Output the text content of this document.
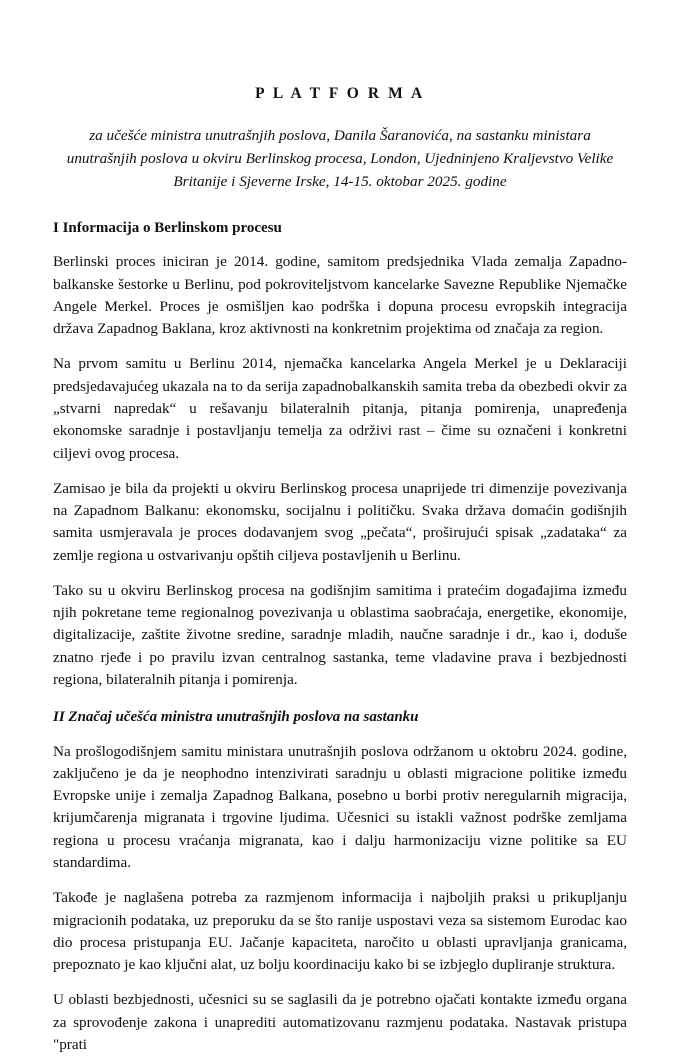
P L A T F O R M A

za učešće ministra unutrašnjih poslova, Danila Šaranovića, na sastanku ministara unutrašnjih poslova u okviru Berlinskog procesa, London, Ujedninjeno Kraljevstvo Velike Britanije i Sjeverne Irske, 14-15. oktobar 2025. godine

I Informacija o Berlinskom procesu

Berlinski proces iniciran je 2014. godine, samitom predsjednika Vlada zemalja Zapadno-balkanske šestorke u Berlinu, pod pokroviteljstvom kancelarke Savezne Republike Njemačke Angele Merkel. Proces je osmišljen kao podrška i dopuna procesu evropskih integracija država Zapadnog Baklana, kroz aktivnosti na konkretnim projektima od značaja za region.

Na prvom samitu u Berlinu 2014, njemačka kancelarka Angela Merkel je u Deklaraciji predsjedavajućeg ukazala na to da serija zapadnobalkanskih samita treba da obezbedi okvir za „stvarni napredak“ u rešavanju bilateralnih pitanja, pitanja pomirenja, unapređenja ekonomske saradnje i postavljanju temelja za održivi rast – čime su označeni i konkretni ciljevi ovog procesa.

Zamisao je bila da projekti u okviru Berlinskog procesa unaprijede tri dimenzije povezivanja na Zapadnom Balkanu: ekonomsku, socijalnu i političku. Svaka država domaćin godišnjih samita usmjeravala je proces dodavanjem svog „pečata“, proširujući spisak „zadataka“ za zemlje regiona u ostvarivanju opštih ciljeva postavljenih u Berlinu.

Tako su u okviru Berlinskog procesa na godišnjim samitima i pratećim događajima između njih pokretane teme regionalnog povezivanja u oblastima saobraćaja, energetike, ekonomije, digitalizacije, zaštite životne sredine, saradnje mladih, naučne saradnje i dr., kao i, doduše znatno rjeđe i po pravilu izvan centralnog sastanka, teme vladavine prava i bezbjednosti regiona, bilateralnih pitanja i pomirenja.

II Značaj učešća ministra unutrašnjih poslova na sastanku

Na prošlogodišnjem samitu ministara unutrašnjih poslova održanom u oktobru 2024. godine, zaključeno je da je neophodno intenzivirati saradnju u oblasti migracione politike između Evropske unije i zemalja Zapadnog Balkana, posebno u borbi protiv neregularnih migracija, krijumčarenja migranata i trgovine ljudima. Učesnici su istakli važnost podrške zemljama regiona u procesu vraćanja migranata, kao i dalju harmonizaciju vizne politike sa EU standardima.

Takođe je naglašena potreba za razmjenom informacija i najboljih praksi u prikupljanju migracionih podataka, uz preporuku da se što ranije uspostavi veza sa sistemom Eurodac kao dio procesa pristupanja EU. Jačanje kapaciteta, naročito u oblasti upravljanja granicama, prepoznato je kao ključni alat, uz bolju koordinaciju kako bi se izbjeglo dupliranje struktura.

U oblasti bezbjednosti, učesnici su se saglasili da je potrebno ojačati kontakte između organa za sprovođenje zakona i unaprediti automatizovanu razmjenu podataka. Nastavak pristupa "prati
